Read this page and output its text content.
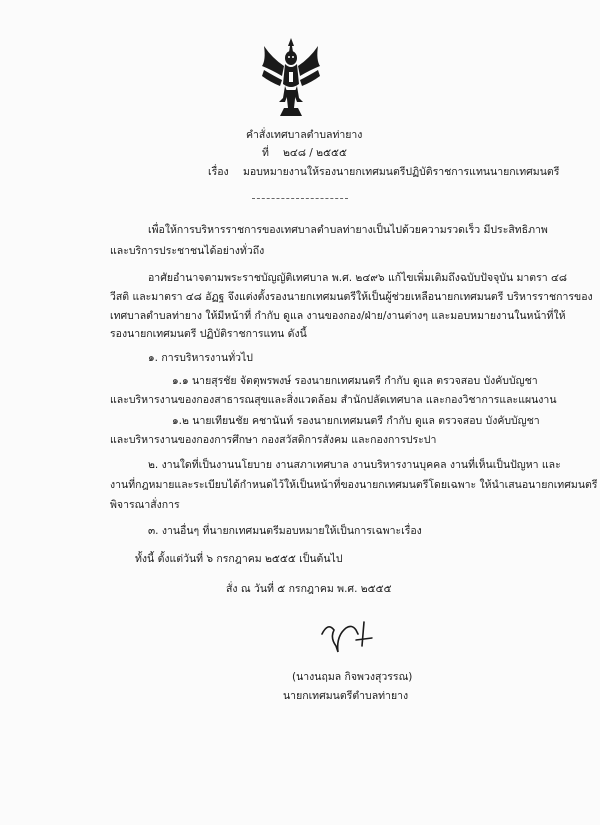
คำสั่งเทศบาลตำบลท่ายาง
ที่ ๒๔๘ / ๒๕๕๕
เรื่อง มอบหมายงานให้รองนายกเทศมนตรีปฏิบัติราชการแทนนายกเทศมนตรี
เพื่อให้การบริหารราชการของเทศบาลตำบลท่ายางเป็นไปด้วยความรวดเร็ว มีประสิทธิภาพ
และบริการประชาชนได้อย่างทั่วถึง
อาศัยอำนาจตามพระราชบัญญัติเทศบาล พ.ศ. ๒๔๙๖ แก้ไขเพิ่มเติมถึงฉบับปัจจุบัน มาตรา ๔๘
วีสติ และมาตรา ๔๘ อัฏฐ จึงแต่งตั้งรองนายกเทศมนตรีให้เป็นผู้ช่วยเหลือนายกเทศมนตรี บริหารราชการของ
เทศบาลตำบลท่ายาง ให้มีหน้าที่ กำกับ ดูแล งานของกอง/ฝ่าย/งานต่างๆ และมอบหมายงานในหน้าที่ให้
รองนายกเทศมนตรี ปฏิบัติราชการแทน ดังนี้
๑. การบริหารงานทั่วไป
๑.๑ นายสุรชัย จัตตุพรพงษ์ รองนายกเทศมนตรี กำกับ ดูแล ตรวจสอบ บังคับบัญชา
และบริหารงานของกองสาธารณสุขและสิ่งแวดล้อม สำนักปลัดเทศบาล และกองวิชาการและแผนงาน
๑.๒ นายเทียนชัย คชานันท์ รองนายกเทศมนตรี กำกับ ดูแล ตรวจสอบ บังคับบัญชา
และบริหารงานของกองการศึกษา กองสวัสดิการสังคม และกองการประปา
๒. งานใดที่เป็นงานนโยบาย งานสภาเทศบาล งานบริหารงานบุคคล งานที่เห็นเป็นปัญหา และ
งานที่กฎหมายและระเบียบได้กำหนดไว้ให้เป็นหน้าที่ของนายกเทศมนตรีโดยเฉพาะ ให้นำเสนอนายกเทศมนตรี
พิจารณาสั่งการ
๓. งานอื่นๆ ที่นายกเทศมนตรีมอบหมายให้เป็นการเฉพาะเรื่อง
ทั้งนี้ ตั้งแต่วันที่ ๖ กรกฎาคม ๒๕๕๕ เป็นต้นไป
สั่ง ณ วันที่ ๕ กรกฎาคม พ.ศ. ๒๕๕๕
(นางนฤมล กิจพวงสุวรรณ)
นายกเทศมนตรีตำบลท่ายาง
